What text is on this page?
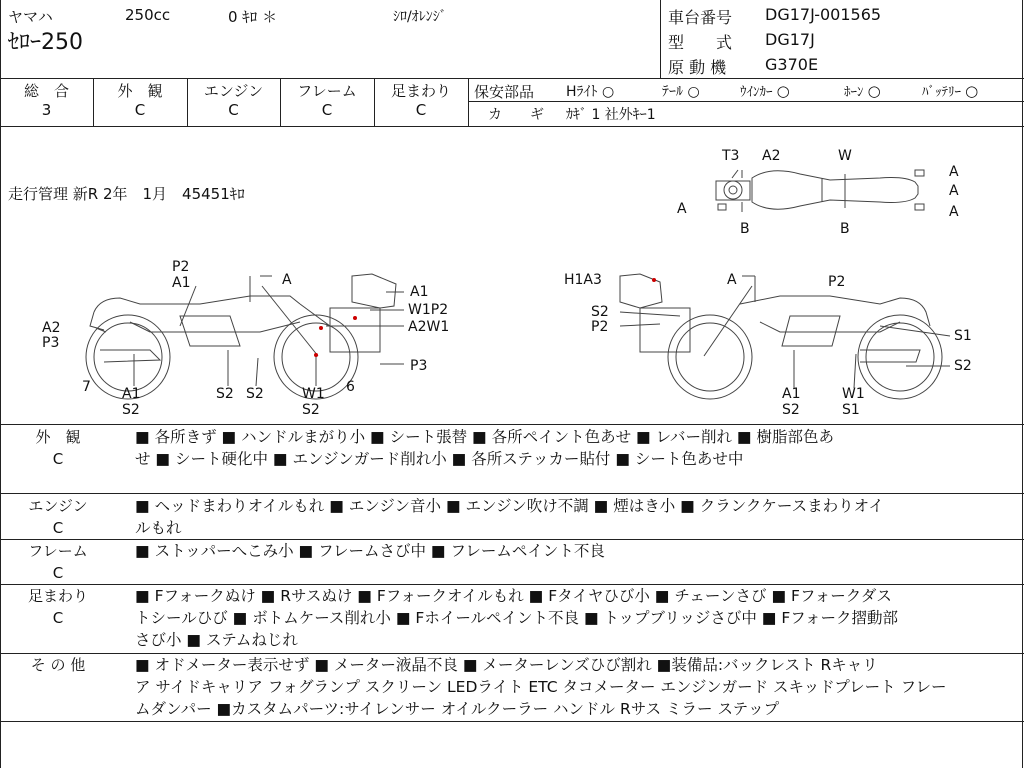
ヤマハ	250cc	0 ｷﾛ ＊	ｼﾛ/ｵﾚﾝｼﾞ
ｾﾛｰ250
車台番号 DG17J-001565
型　　式 DG17J
原 動 機 G370E
総　合
3
外　観
C
エンジン
C
フレーム
C
足まわり
C
保安部品 Hﾗｲﾄ ○	ﾃｰﾙ ○	ｳｲﾝｶｰ ○	ﾎｰﾝ ○	ﾊﾞｯﾃﾘｰ ○
カ　　ギ ｶｷﾞ 1 社外ｷｰ1
走行管理 新R 2年　1月　45451ｷﾛ
T3 A2	W
A
A
A
A
B	B
P2
A1	A
A1
W1P2
A2W1
A2
P3
P3
7	6
A1
S2
S2 S2	W1
S2
H1A3	A	P2
S2
P2
S1
S2
A1
S2
W1
S1
外　観
C
■ 各所きず ■ ハンドルまがり小 ■ シート張替 ■ 各所ペイント色あせ ■ レバー削れ ■ 樹脂部色あ
せ ■ シート硬化中 ■ エンジンガード削れ小 ■ 各所ステッカー貼付 ■ シート色あせ中
エンジン
C
■ ヘッドまわりオイルもれ ■ エンジン音小 ■ エンジン吹け不調 ■ 煙はき小 ■ クランクケースまわりオイ
ルもれ
フレーム
C
■ ストッパーへこみ小 ■ フレームさび中 ■ フレームペイント不良
足まわり
C
■ Fフォークぬけ ■ Rサスぬけ ■ Fフォークオイルもれ ■ Fタイヤひび小 ■ チェーンさび ■ Fフォークダス
トシールひび ■ ボトムケース削れ小 ■ Fホイールペイント不良 ■ トップブリッジさび中 ■ Fフォーク摺動部
さび小 ■ ステムねじれ
そ の 他	■ オドメーター表示せず ■ メーター液晶不良 ■ メーターレンズひび割れ ■装備品:バックレスト Rキャリ
ア サイドキャリア フォグランプ スクリーン LEDライト ETC タコメーター エンジンガード スキッドプレート フレー
ムダンパー ■カスタムパーツ:サイレンサー オイルクーラー ハンドル Rサス ミラー ステップ
